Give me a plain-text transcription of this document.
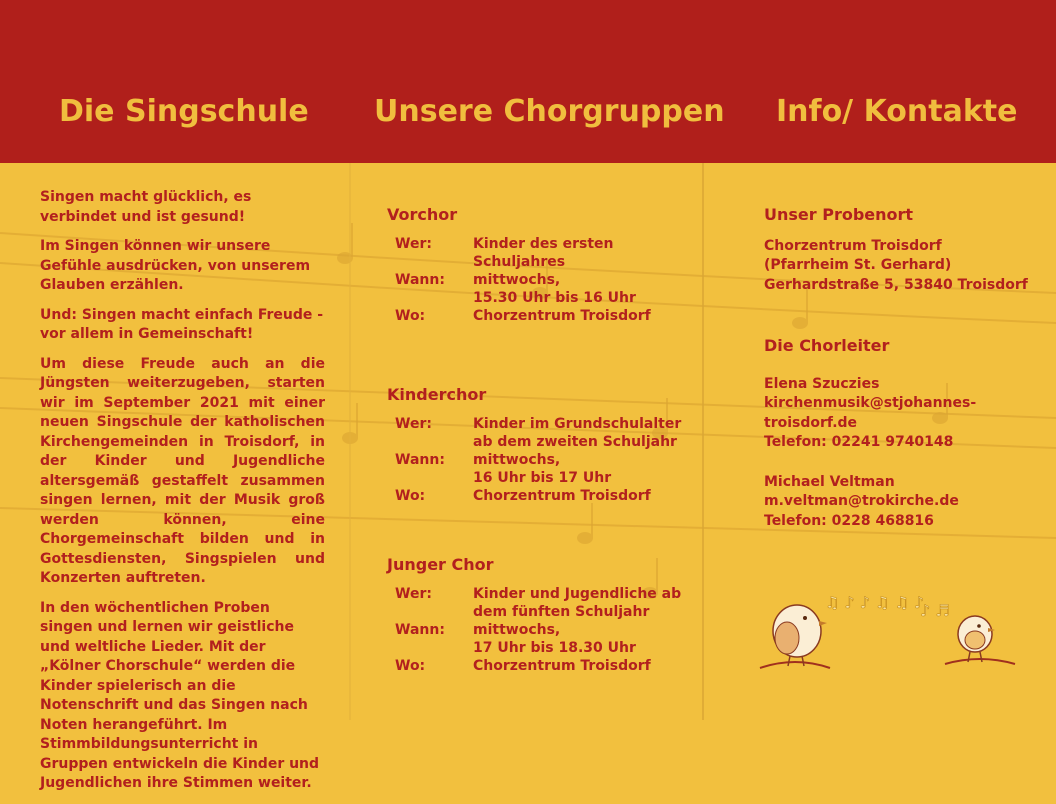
Die Singschule Unsere Chorgruppen Info/ Kontakte

Singen macht glücklich, es verbindet und ist gesund!

Im Singen können wir unsere Gefühle ausdrücken, von unserem Glauben erzählen.

Und: Singen macht einfach Freude - vor allem in Gemeinschaft!

Um diese Freude auch an die Jüngsten weiterzugeben, starten wir im September 2021 mit einer neuen Singschule der katholischen Kirchengemeinden in Troisdorf, in der Kinder und Jugendliche altersgemäß gestaffelt zusammen singen lernen, mit der Musik groß werden können, eine Chorgemeinschaft bilden und in Gottesdiensten, Singspielen und Konzerten auftreten.

In den wöchentlichen Proben singen und lernen wir geistliche und weltliche Lieder. Mit der „Kölner Chorschule“ werden die Kinder spielerisch an die Notenschrift und das Singen nach Noten herangeführt. Im Stimmbildungsunterricht in Gruppen entwickeln die Kinder und Jugendlichen ihre Stimmen weiter.

Vorchor
Wer:	Kinder des ersten Schuljahres
Wann:	mittwochs,
15.30 Uhr bis 16 Uhr
Wo:	Chorzentrum Troisdorf
Kinderchor
Wer:	Kinder im Grundschulalter ab dem zweiten Schuljahr
Wann:	mittwochs,
16 Uhr bis 17 Uhr
Wo:	Chorzentrum Troisdorf
Junger Chor
Wer:	Kinder und Jugendliche ab dem fünften Schuljahr
Wann:	mittwochs,
17 Uhr bis 18.30 Uhr
Wo:	Chorzentrum Troisdorf
Unser Probenort
Chorzentrum Troisdorf
(Pfarrheim St. Gerhard)
Gerhardstraße 5, 53840 Troisdorf
Die Chorleiter
Elena Szuczies
kirchenmusik@stjohannes-troisdorf.de
Telefon: 02241 9740148
Michael Veltman
m.veltman@trokirche.de
Telefon: 0228 468816
♫ ♪ ♪ ♫ ♫ ♪
♪ ♬
